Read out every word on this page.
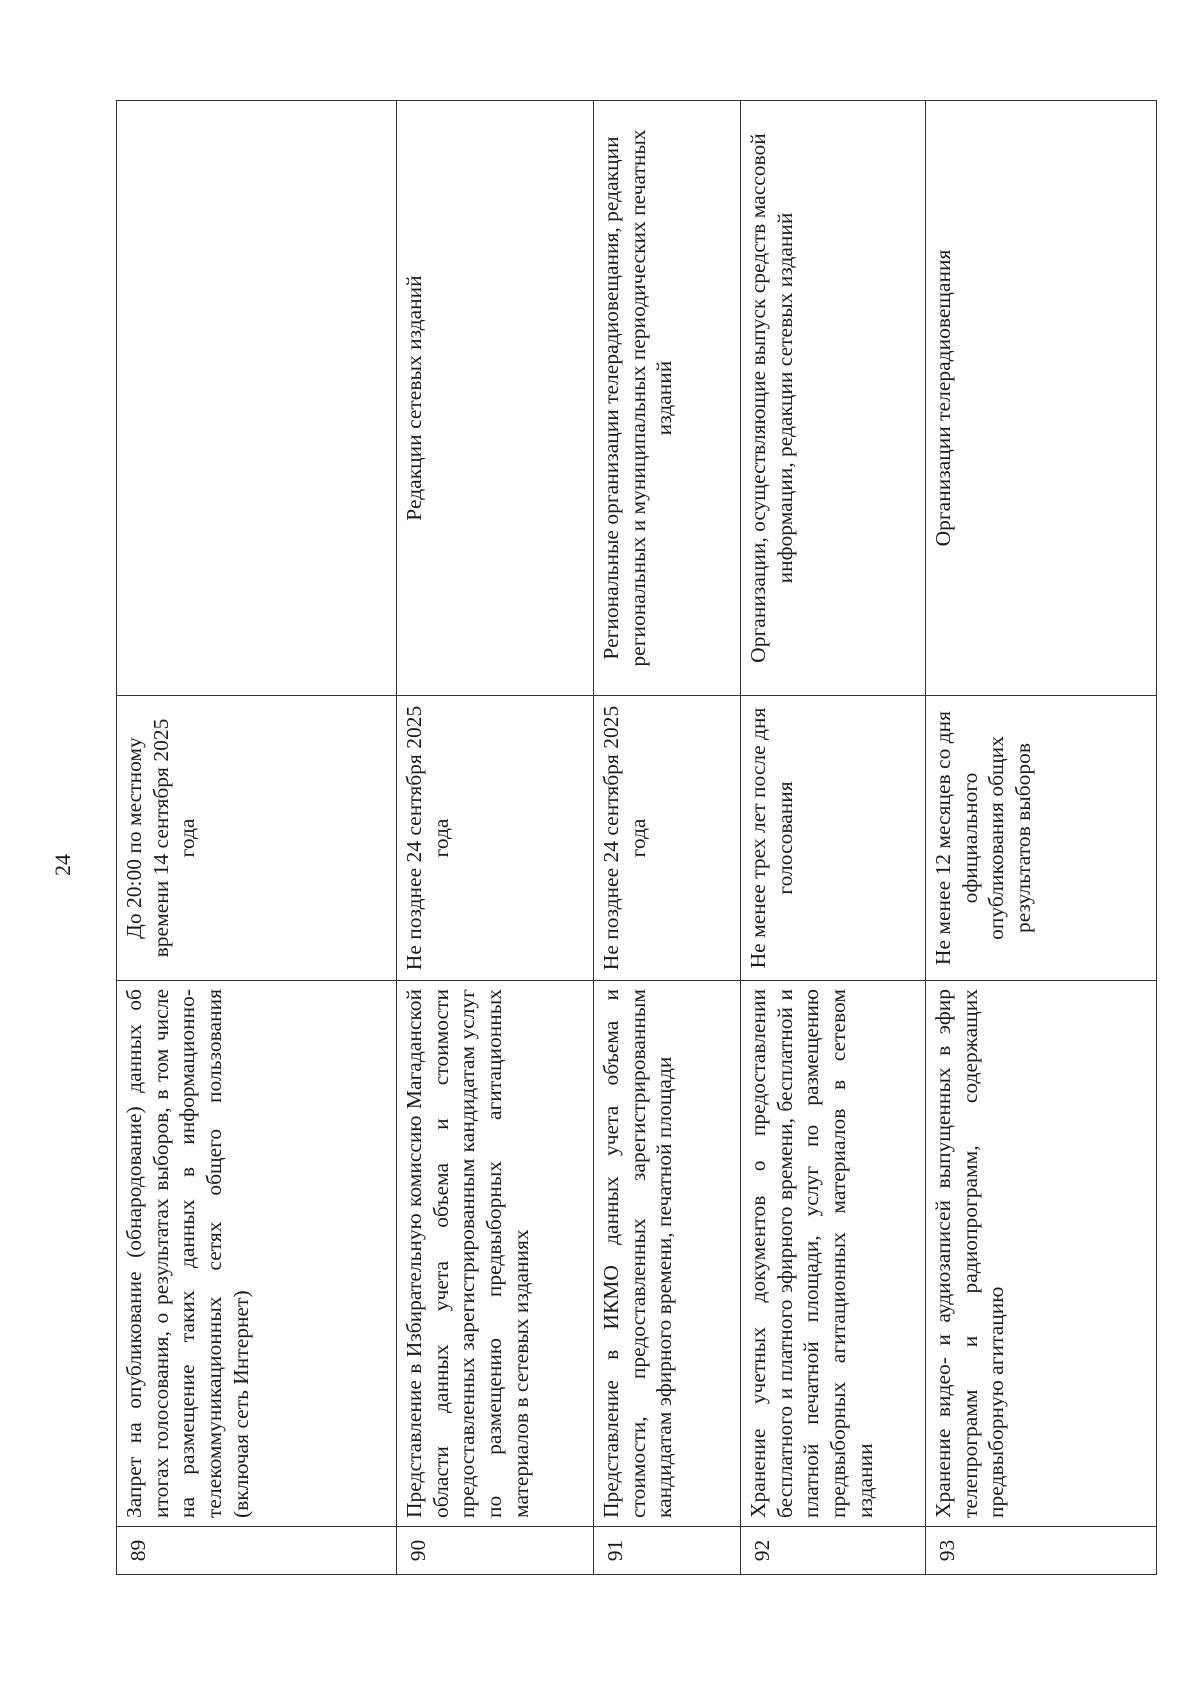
24
89	Запрет на опубликование (обнародование) данных об итогах голосования, о результатах выборов, в том числе на размещение таких данных в информационно-телекоммуникационных сетях общего пользования (включая сеть Интернет)	До 20:00 по местному времени 14 сентября 2025 года	
90	Представление в Избирательную комиссию Магаданской области данных учета объема и стоимости предоставленных зарегистрированным кандидатам услуг по размещению предвыборных агитационных материалов в сетевых изданиях	Не позднее 24 сентября 2025 года	Редакции сетевых изданий
91	Представление в ИКМО данных учета объема и стоимости, предоставленных зарегистрированным кандидатам эфирного времени, печатной площади	Не позднее 24 сентября 2025 года	Региональные организации телерадиовещания, редакции региональных и муниципальных периодических печатных изданий
92	Хранение учетных документов о предоставлении бесплатного и платного эфирного времени, бесплатной и платной печатной площади, услуг по размещению предвыборных агитационных материалов в сетевом издании	Не менее трех лет после дня голосования	Организации, осуществляющие выпуск средств массовой информации, редакции сетевых изданий
93	Хранение видео- и аудиозаписей выпущенных в эфир телепрограмм и радиопрограмм, содержащих предвыборную агитацию	Не менее 12 месяцев со дня официального опубликования общих результатов выборов	Организации телерадиовещания
